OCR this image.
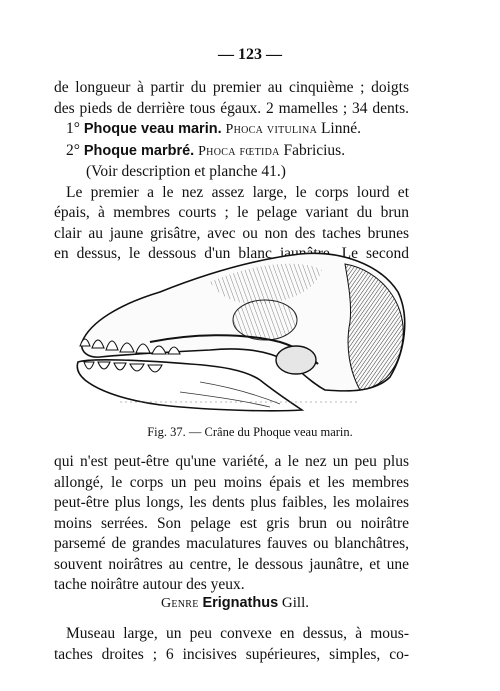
— 123 —
de longueur à partir du premier au cinquième ; doigts
des pieds de derrière tous égaux. 2 mamelles ; 34 dents.
1° Phoque veau marin. Phoca vitulina Linné.
2° Phoque marbré. Phoca fœtida Fabricius.
(Voir description et planche 41.)
Le premier a le nez assez large, le corps lourd et
épais, à membres courts ; le pelage variant du brun
clair au jaune grisâtre, avec ou non des taches brunes
en dessus, le dessous d'un blanc jaunâtre. Le second
Fig. 37. — Crâne du Phoque veau marin.
qui n'est peut-être qu'une variété, a le nez un peu plus
allongé, le corps un peu moins épais et les membres
peut-être plus longs, les dents plus faibles, les molaires
moins serrées. Son pelage est gris brun ou noirâtre
parsemé de grandes maculatures fauves ou blanchâtres,
souvent noirâtres au centre, le dessous jaunâtre, et une
tache noirâtre autour des yeux.
Genre Erignathus Gill.
Museau large, un peu convexe en dessus, à mous-
taches droites ; 6 incisives supérieures, simples, co-
